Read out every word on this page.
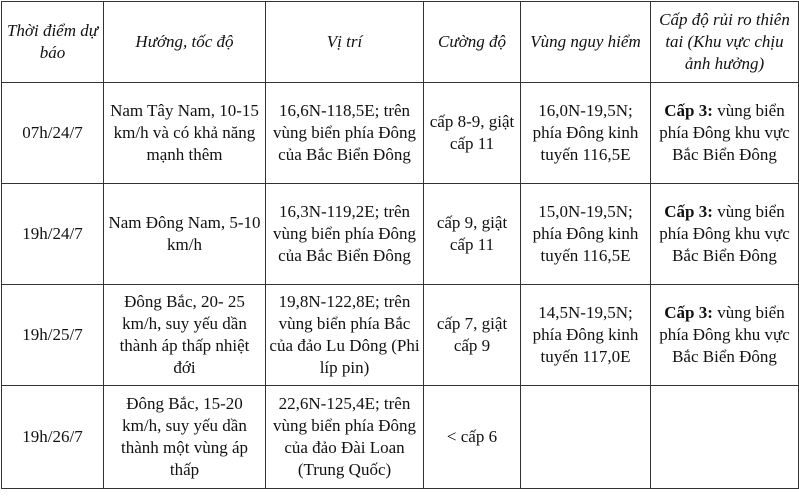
Thời điểm dự báo	Hướng, tốc độ	Vị trí	Cường độ	Vùng nguy hiểm	Cấp độ rủi ro thiên tai (Khu vực chịu ảnh hưởng)
07h/24/7	Nam Tây Nam, 10-15 km/h và có khả năng mạnh thêm	16,6N-118,5E; trên vùng biển phía Đông của Bắc Biển Đông	cấp 8-9, giật cấp 11	16,0N-19,5N; phía Đông kinh tuyến 116,5E	Cấp 3: vùng biển phía Đông khu vực Bắc Biển Đông
19h/24/7	Nam Đông Nam, 5-10 km/h	16,3N-119,2E; trên vùng biển phía Đông của Bắc Biển Đông	cấp 9, giật cấp 11	15,0N-19,5N; phía Đông kinh tuyến 116,5E	Cấp 3: vùng biển phía Đông khu vực Bắc Biển Đông
19h/25/7	Đông Bắc, 20- 25 km/h, suy yếu dần thành áp thấp nhiệt đới	19,8N-122,8E; trên vùng biển phía Bắc của đảo Lu Dông (Phi líp pin)	cấp 7, giật cấp 9	14,5N-19,5N; phía Đông kinh tuyến 117,0E	Cấp 3: vùng biển phía Đông khu vực Bắc Biển Đông
19h/26/7	Đông Bắc, 15-20 km/h, suy yếu dần thành một vùng áp thấp	22,6N-125,4E; trên vùng biển phía Đông của đảo Đài Loan (Trung Quốc)	< cấp 6		
